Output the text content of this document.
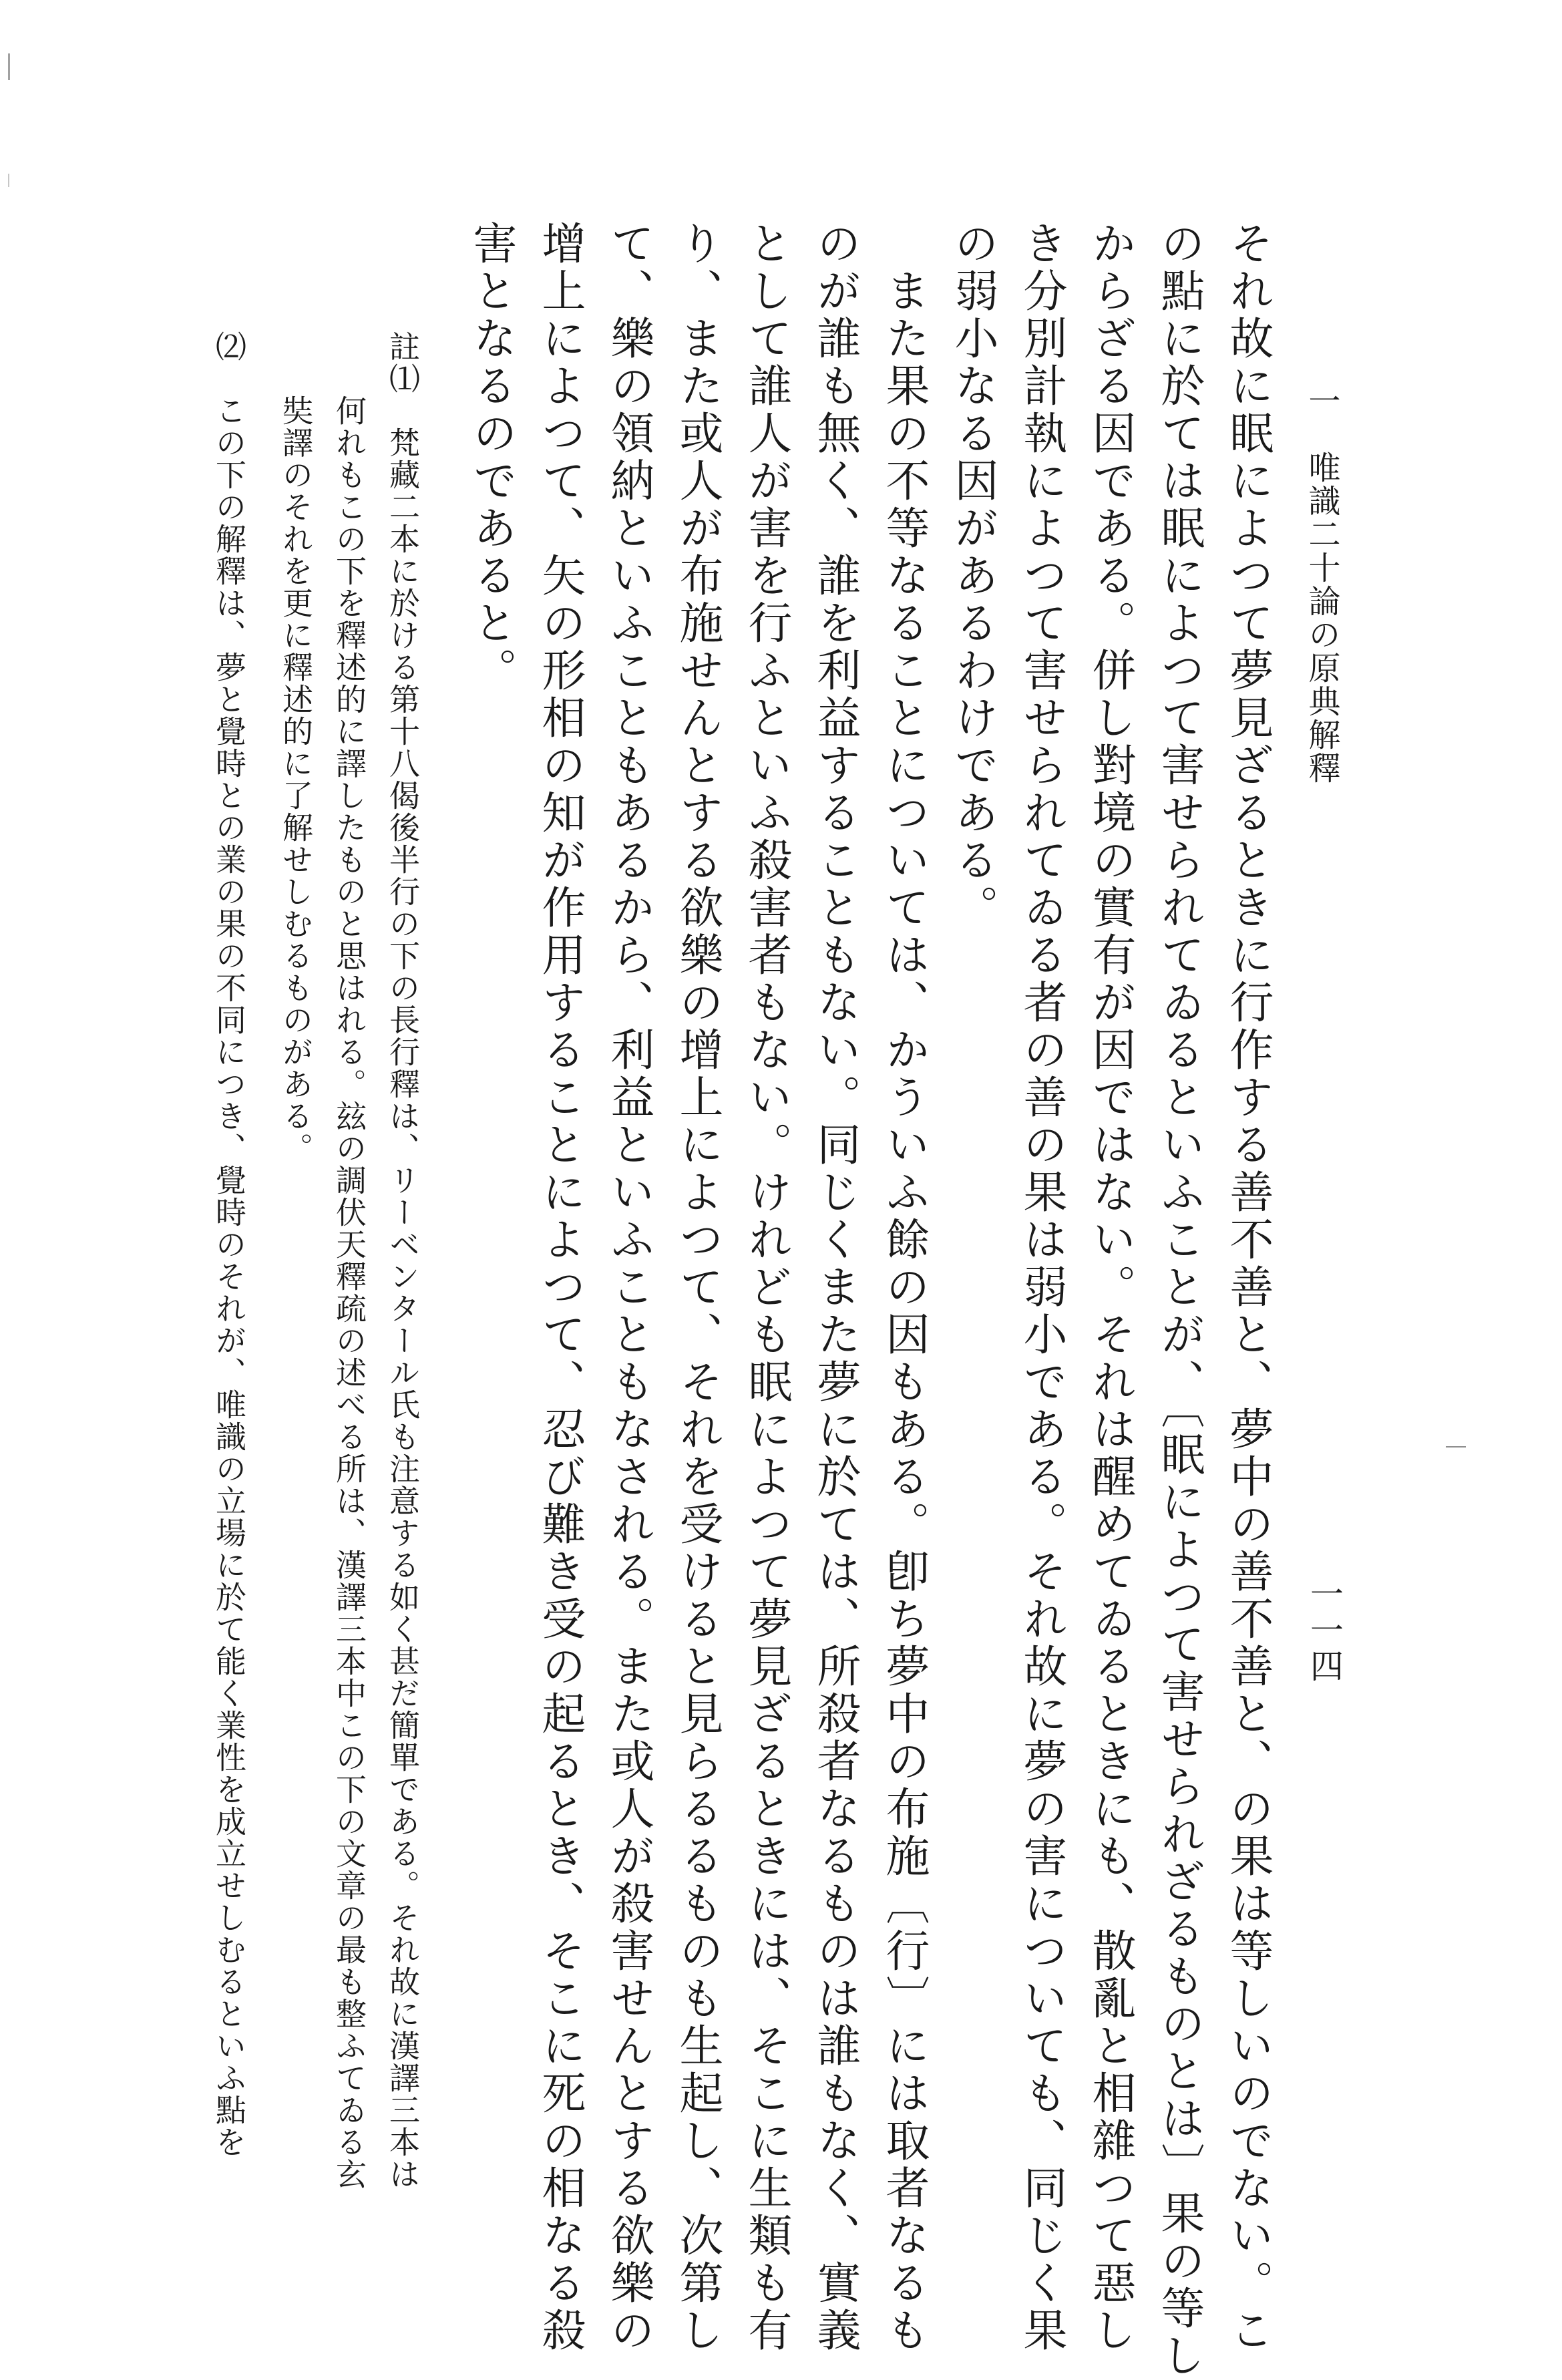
一　唯識二十論の原典解釋
一一四
それ故に眠によつて夢見ざるときに行作する善不善と、夢中の善不善と、の果は等しいのでない。こ
の點に於ては眠によつて害せられてゐるといふことが、〔眠によつて害せられざるものとは〕果の等し
からざる因である。併し對境の實有が因ではない。それは醒めてゐるときにも、散亂と相雜つて惡し
き分別計執によつて害せられてゐる者の善の果は弱小である。それ故に夢の害についても、同じく果
の弱小なる因があるわけである。
　また果の不等なることについては、かういふ餘の因もある。卽ち夢中の布施〔行〕には取者なるも
のが誰も無く、誰を利益することもない。同じくまた夢に於ては、所殺者なるものは誰もなく、實義
として誰人が害を行ふといふ殺害者もない。けれども眠によつて夢見ざるときには、そこに生類も有
り、また或人が布施せんとする欲樂の增上によつて、それを受けると見らるるものも生起し、次第し
て、樂の領納といふこともあるから、利益といふこともなされる。また或人が殺害せんとする欲樂の
增上によつて、矢の形相の知が作用することによつて、忍び難き受の起るとき、そこに死の相なる殺
害となるのであると。
註⑴　梵藏二本に於ける第十八偈後半行の下の長行釋は、リーベンタール氏も注意する如く甚だ簡單である。それ故に漢譯三本は
　　何れもこの下を釋述的に譯したものと思はれる。玆の調伏天釋疏の述べる所は、漢譯三本中この下の文章の最も整ふてゐる玄
　　奘譯のそれを更に釋述的に了解せしむるものがある。
⑵　この下の解釋は、夢と覺時との業の果の不同につき、覺時のそれが、唯識の立場に於て能く業性を成立せしむるといふ點を
